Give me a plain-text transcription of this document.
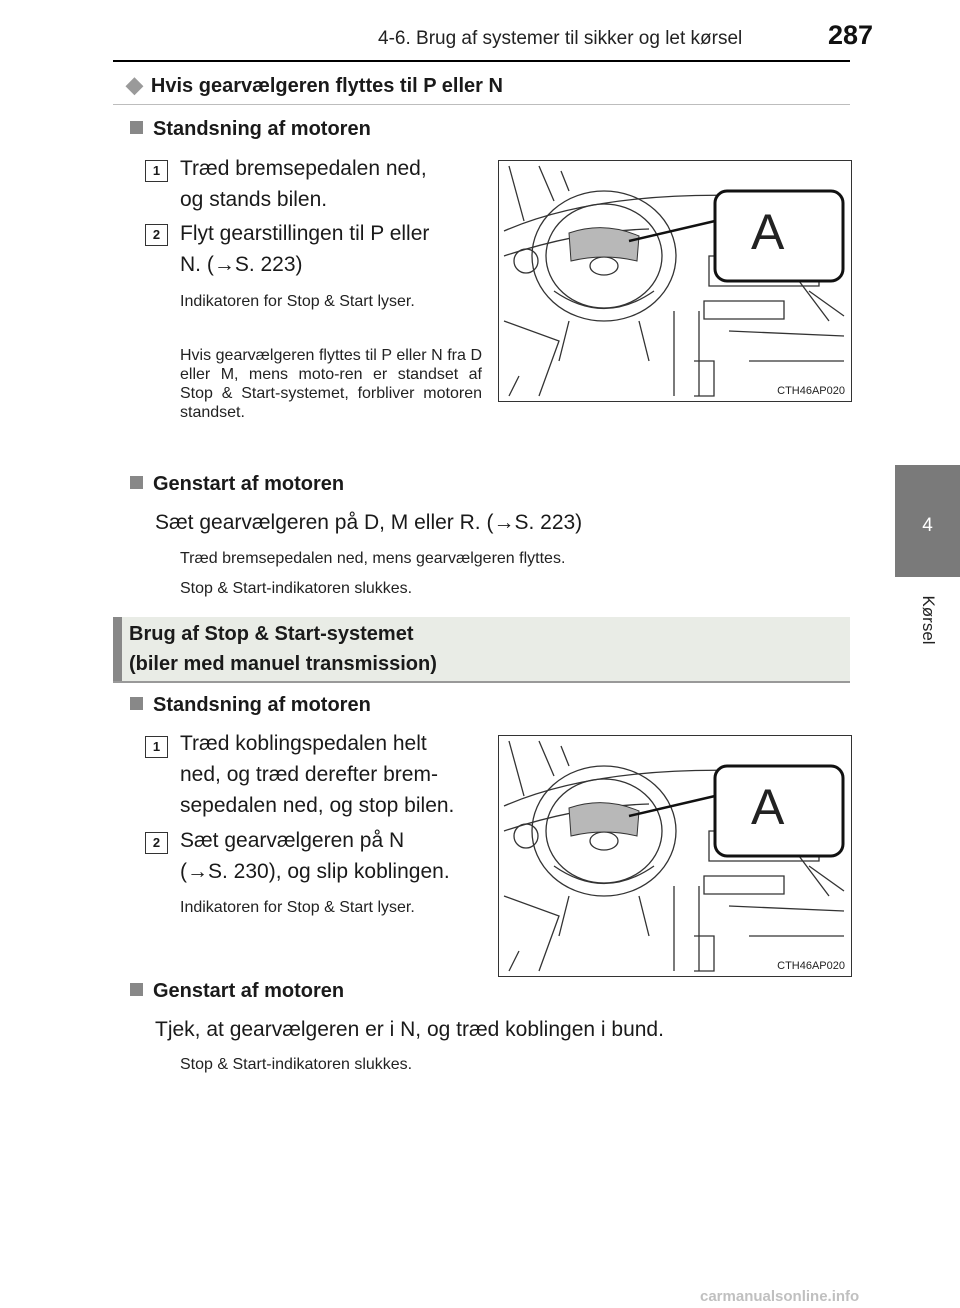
4-6. Brug af systemer til sikker og let kørsel	287
4
Kørsel
◆ Hvis gearvælgeren flyttes til P eller N
Standsning af motoren
1 Træd bremsepedalen ned,
og stands bilen.
2 Flyt gearstillingen til P eller
N. (→S. 223)
Indikatoren for Stop & Start lyser.
Hvis gearvælgeren flyttes til P eller N fra D eller M, mens moto-ren er standset af Stop & Start-systemet, forbliver motoren standset.
A
CTH46AP020
Genstart af motoren
Sæt gearvælgeren på D, M eller R. (→S. 223)
Træd bremsepedalen ned, mens gearvælgeren flyttes.
Stop & Start-indikatoren slukkes.
Brug af Stop & Start-systemet
(biler med manuel transmission)
Standsning af motoren
1 Træd koblingspedalen helt
ned, og træd derefter brem-
sepedalen ned, og stop bilen.
2 Sæt gearvælgeren på N
(→S. 230), og slip koblingen.
Indikatoren for Stop & Start lyser.
A
CTH46AP020
Genstart af motoren
Tjek, at gearvælgeren er i N, og træd koblingen i bund.
Stop & Start-indikatoren slukkes.
carmanualsonline.info
